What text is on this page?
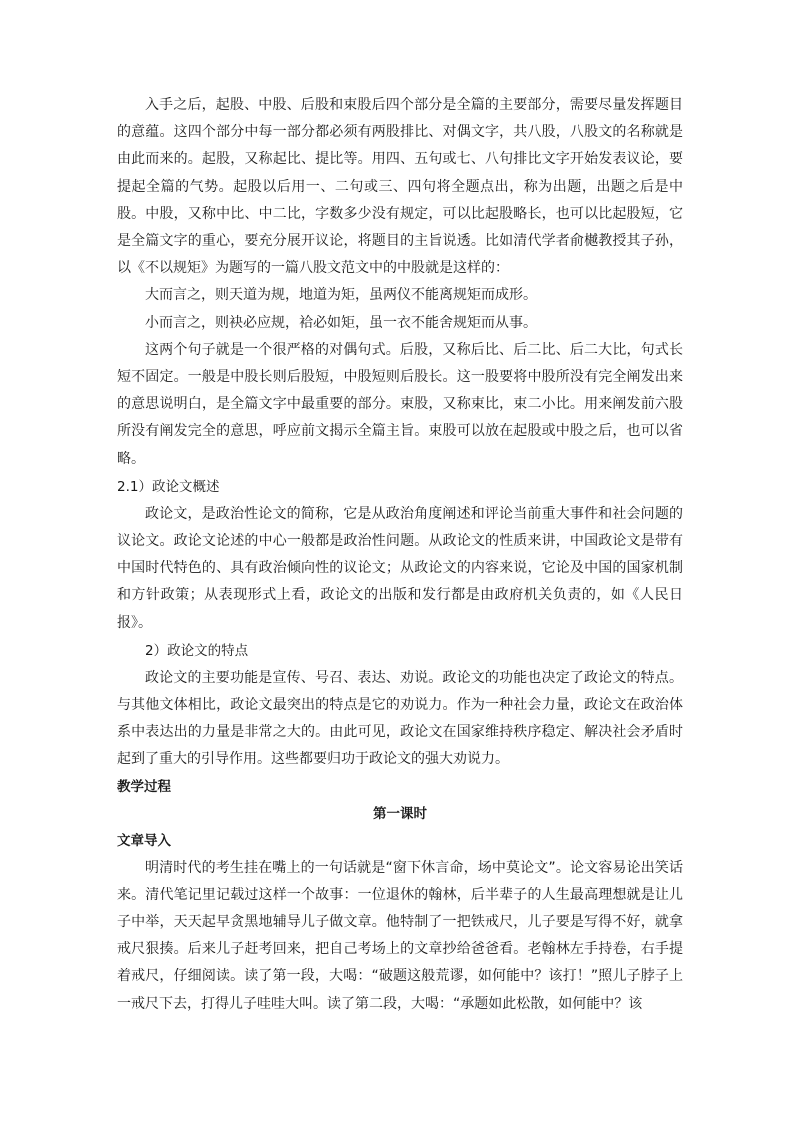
入手之后，起股、中股、后股和束股后四个部分是全篇的主要部分，需要尽量发挥题目的意蕴。这四个部分中每一部分都必须有两股排比、对偶文字，共八股，八股文的名称就是由此而来的。起股，又称起比、提比等。用四、五句或七、八句排比文字开始发表议论，要提起全篇的气势。起股以后用一、二句或三、四句将全题点出，称为出题，出题之后是中股。中股，又称中比、中二比，字数多少没有规定，可以比起股略长，也可以比起股短，它是全篇文字的重心，要充分展开议论，将题目的主旨说透。比如清代学者俞樾教授其子孙，以《不以规矩》为题写的一篇八股文范文中的中股就是这样的：

大而言之，则天道为规，地道为矩，虽两仪不能离规矩而成形。

小而言之，则袂必应规，袷必如矩，虽一衣不能舍规矩而从事。

这两个句子就是一个很严格的对偶句式。后股，又称后比、后二比、后二大比，句式长短不固定。一般是中股长则后股短，中股短则后股长。这一股要将中股所没有完全阐发出来的意思说明白，是全篇文字中最重要的部分。束股，又称束比，束二小比。用来阐发前六股所没有阐发完全的意思，呼应前文揭示全篇主旨。束股可以放在起股或中股之后，也可以省略。

2.1）政论文概述

政论文，是政治性论文的简称，它是从政治角度阐述和评论当前重大事件和社会问题的议论文。政论文论述的中心一般都是政治性问题。从政论文的性质来讲，中国政论文是带有中国时代特色的、具有政治倾向性的议论文；从政论文的内容来说，它论及中国的国家机制和方针政策；从表现形式上看，政论文的出版和发行都是由政府机关负责的，如《人民日报》。

2）政论文的特点

政论文的主要功能是宣传、号召、表达、劝说。政论文的功能也决定了政论文的特点。与其他文体相比，政论文最突出的特点是它的劝说力。作为一种社会力量，政论文在政治体系中表达出的力量是非常之大的。由此可见，政论文在国家维持秩序稳定、解决社会矛盾时起到了重大的引导作用。这些都要归功于政论文的强大劝说力。

教学过程

第一课时

文章导入

明清时代的考生挂在嘴上的一句话就是“窗下休言命，场中莫论文”。论文容易论出笑话来。清代笔记里记载过这样一个故事：一位退休的翰林，后半辈子的人生最高理想就是让儿子中举，天天起早贪黑地辅导儿子做文章。他特制了一把铁戒尺，儿子要是写得不好，就拿戒尺狠揍。后来儿子赶考回来，把自己考场上的文章抄给爸爸看。老翰林左手持卷，右手提着戒尺，仔细阅读。读了第一段，大喝：“破题这般荒谬，如何能中？该打！”照儿子脖子上一戒尺下去，打得儿子哇哇大叫。读了第二段，大喝：“承题如此松散，如何能中？该
